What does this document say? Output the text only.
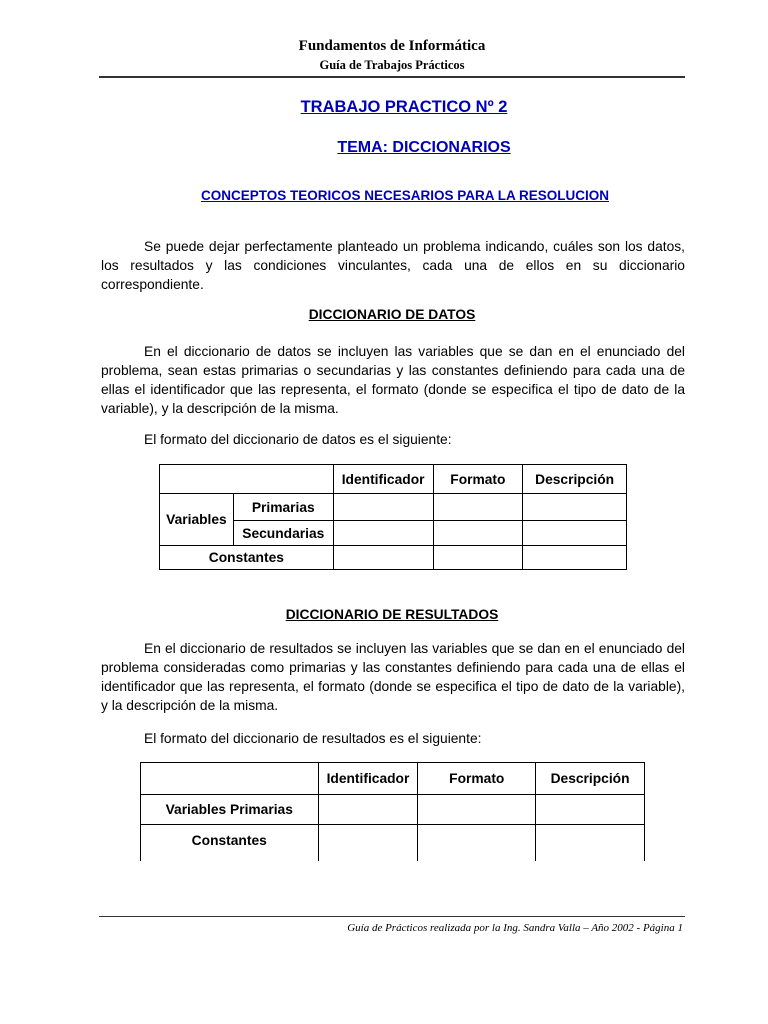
Fundamentos de Informática
Guía de Trabajos Prácticos
TRABAJO PRACTICO Nº 2
TEMA: DICCIONARIOS
CONCEPTOS TEORICOS NECESARIOS PARA LA RESOLUCION
Se puede dejar perfectamente planteado un problema indicando, cuáles son los datos, los resultados y las condiciones vinculantes, cada una de ellos en su diccionario correspondiente.
DICCIONARIO DE DATOS
En el diccionario de datos se incluyen las variables que se dan en el enunciado del problema, sean estas primarias o secundarias y las constantes definiendo para cada una de ellas el identificador que las representa, el formato (donde se especifica el tipo de dato de la variable), y la descripción de la misma.
El formato del diccionario de datos es el siguiente:
		Identificador	Formato	Descripción
Variables	Primarias			
	Secundarias			
Constantes				
DICCIONARIO DE RESULTADOS
En el diccionario de resultados se incluyen las variables que se dan en el enunciado del problema consideradas como primarias y las constantes definiendo para cada una de ellas el identificador que las representa, el formato (donde se especifica el tipo de dato de la variable), y la descripción de la misma.
El formato del diccionario de resultados es el siguiente:
	Identificador	Formato	Descripción
Variables Primarias			
Constantes			
Guía de Prácticos realizada por la Ing. Sandra Valla – Año 2002 - Página 1
